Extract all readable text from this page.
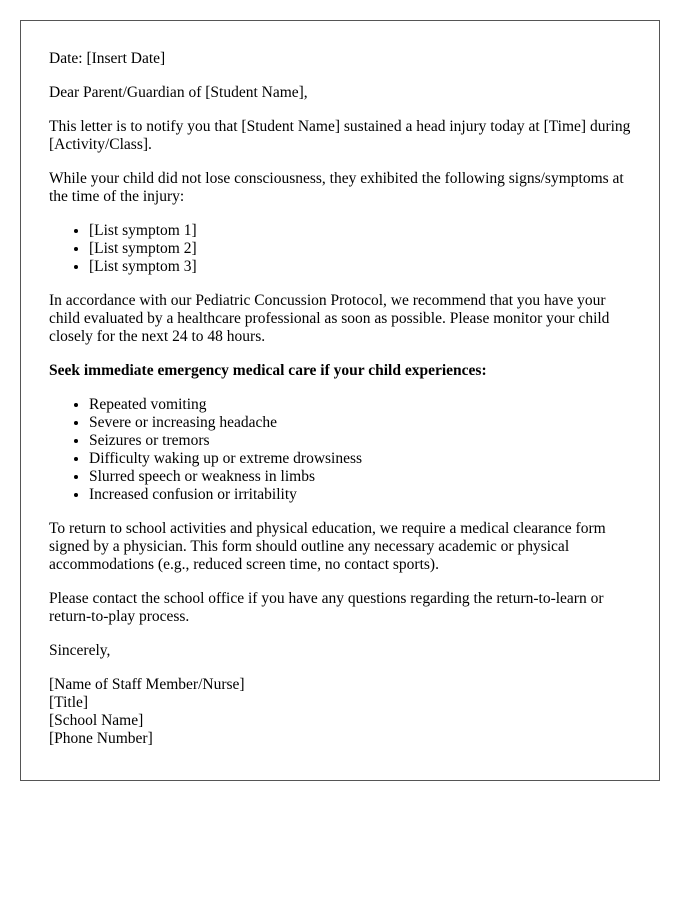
Date: [Insert Date]

Dear Parent/Guardian of [Student Name],

This letter is to notify you that [Student Name] sustained a head injury today at [Time] during [Activity/Class].

While your child did not lose consciousness, they exhibited the following signs/symptoms at the time of the injury:

• [List symptom 1]
• [List symptom 2]
• [List symptom 3]

In accordance with our Pediatric Concussion Protocol, we recommend that you have your child evaluated by a healthcare professional as soon as possible. Please monitor your child closely for the next 24 to 48 hours.

Seek immediate emergency medical care if your child experiences:

• Repeated vomiting
• Severe or increasing headache
• Seizures or tremors
• Difficulty waking up or extreme drowsiness
• Slurred speech or weakness in limbs
• Increased confusion or irritability

To return to school activities and physical education, we require a medical clearance form signed by a physician. This form should outline any necessary academic or physical accommodations (e.g., reduced screen time, no contact sports).

Please contact the school office if you have any questions regarding the return-to-learn or return-to-play process.

Sincerely,

[Name of Staff Member/Nurse]
[Title]
[School Name]
[Phone Number]
